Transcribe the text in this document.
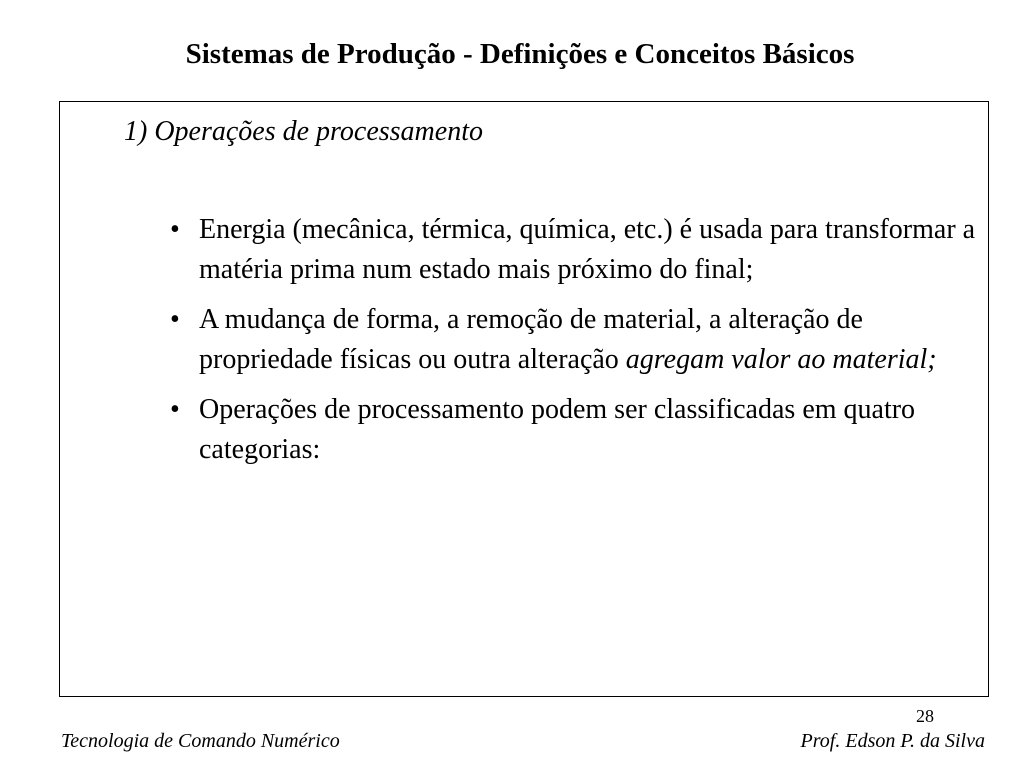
Sistemas de Produção - Definições e Conceitos Básicos
1) Operações de processamento
• Energia (mecânica, térmica, química, etc.) é usada para transformar a matéria prima num estado mais próximo do final;
• A mudança de forma, a remoção de material, a alteração de propriedade físicas ou outra alteração agregam valor ao material;
• Operações de processamento podem ser classificadas em quatro categorias:
28
Tecnologia de Comando Numérico	Prof. Edson P. da Silva
